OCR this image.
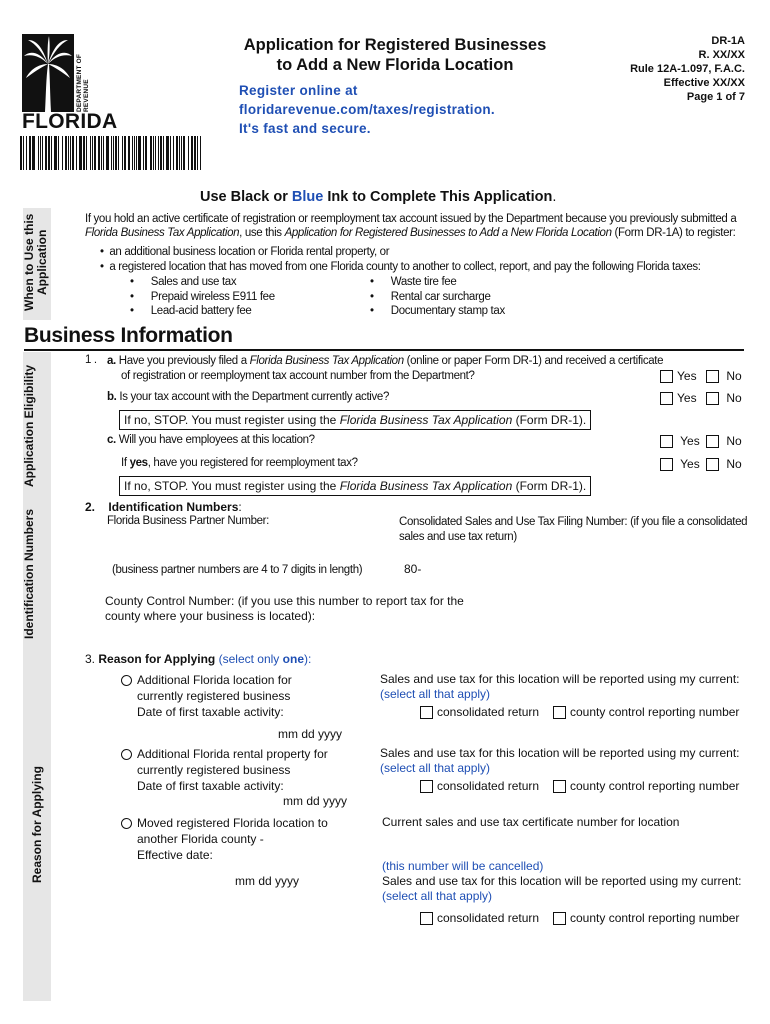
DEPARTMENT OF REVENUE
FLORIDA
Application for Registered Businesses
to Add a New Florida Location
Register online at
floridarevenue.com/taxes/registration.
It's fast and secure.
DR-1A
R. XX/XX
Rule 12A-1.097, F.A.C.
Effective XX/XX
Page 1 of 7
Use Black or Blue Ink to Complete This Application.
When to Use this Application
If you hold an active certificate of registration or reemployment tax account issued by the Department because you previously submitted a Florida Business Tax Application, use this Application for Registered Businesses to Add a New Florida Location (Form DR-1A) to register:
• an additional business location or Florida rental property, or
• a registered location that has moved from one Florida county to another to collect, report, and pay the following Florida taxes:
• Sales and use tax
• Prepaid wireless E911 fee
• Lead-acid battery fee
• Waste tire fee
• Rental car surcharge
• Documentary stamp tax
Business Information
Application Eligibility
1 . a. Have you previously filed a Florida Business Tax Application (online or paper Form DR-1) and received a certificate
of registration or reemployment tax account number from the Department?	Yes	No
b. Is your tax account with the Department currently active?	Yes	No
If no, STOP. You must register using the Florida Business Tax Application (Form DR-1).
c. Will you have employees at this location?	Yes	No
If yes, have you registered for reemployment tax?	Yes	No
If no, STOP. You must register using the Florida Business Tax Application (Form DR-1).
Identification Numbers
2. Identification Numbers:
Florida Business Partner Number:	Consolidated Sales and Use Tax Filing Number: (if you file a consolidated
sales and use tax return)
(business partner numbers are 4 to 7 digits in length)	80-
County Control Number: (if you use this number to report tax for the
county where your business is located):
Reason for Applying
3. Reason for Applying (select only one):
Additional Florida location for
currently registered business
Date of first taxable activity:
mm dd yyyy
Sales and use tax for this location will be reported using my current:
(select all that apply)
consolidated return	county control reporting number
Additional Florida rental property for
currently registered business
Date of first taxable activity:
mm dd yyyy
Sales and use tax for this location will be reported using my current:
(select all that apply)
consolidated return	county control reporting number
Moved registered Florida location to
another Florida county -
Effective date:
mm dd yyyy
Current sales and use tax certificate number for location
(this number will be cancelled)
Sales and use tax for this location will be reported using my current:
(select all that apply)
consolidated return	county control reporting number
